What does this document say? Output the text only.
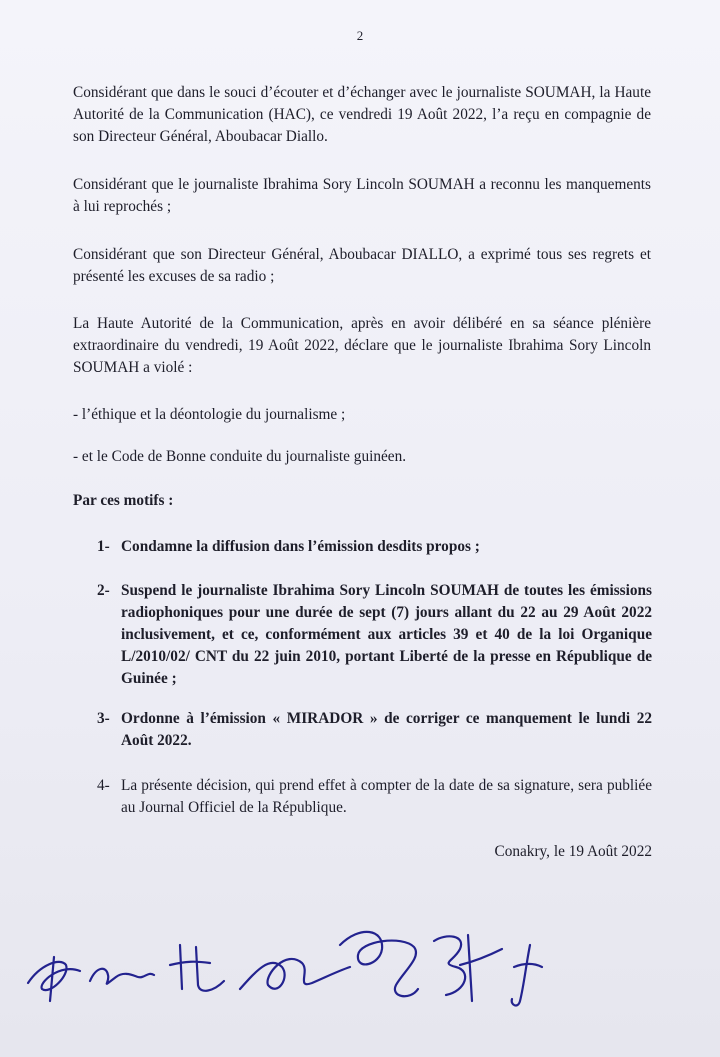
2

Considérant que dans le souci d’écouter et d’échanger avec le journaliste SOUMAH, la Haute Autorité de la Communication (HAC), ce vendredi 19 Août 2022, l’a reçu en compagnie de son Directeur Général, Aboubacar Diallo.

Considérant que le journaliste Ibrahima Sory Lincoln SOUMAH a reconnu les manquements à lui reprochés ;

Considérant que son Directeur Général, Aboubacar DIALLO, a exprimé tous ses regrets et présenté les excuses de sa radio ;

La Haute Autorité de la Communication, après en avoir délibéré en sa séance plénière extraordinaire du vendredi, 19 Août 2022, déclare que le journaliste Ibrahima Sory Lincoln SOUMAH a violé :

- l’éthique et la déontologie du journalisme ;

- et le Code de Bonne conduite du journaliste guinéen.

Par ces motifs :

1- Condamne la diffusion dans l’émission desdits propos ;
2- Suspend le journaliste Ibrahima Sory Lincoln SOUMAH de toutes les émissions radiophoniques pour une durée de sept (7) jours allant du 22 au 29 Août 2022 inclusivement, et ce, conformément aux articles 39 et 40 de la loi Organique L/2010/02/ CNT du 22 juin 2010, portant Liberté de la presse en République de Guinée ;
3- Ordonne à l’émission « MIRADOR » de corriger ce manquement le lundi 22 Août 2022.
4- La présente décision, qui prend effet à compter de la date de sa signature, sera publiée au Journal Officiel de la République.
Conakry, le 19 Août 2022
